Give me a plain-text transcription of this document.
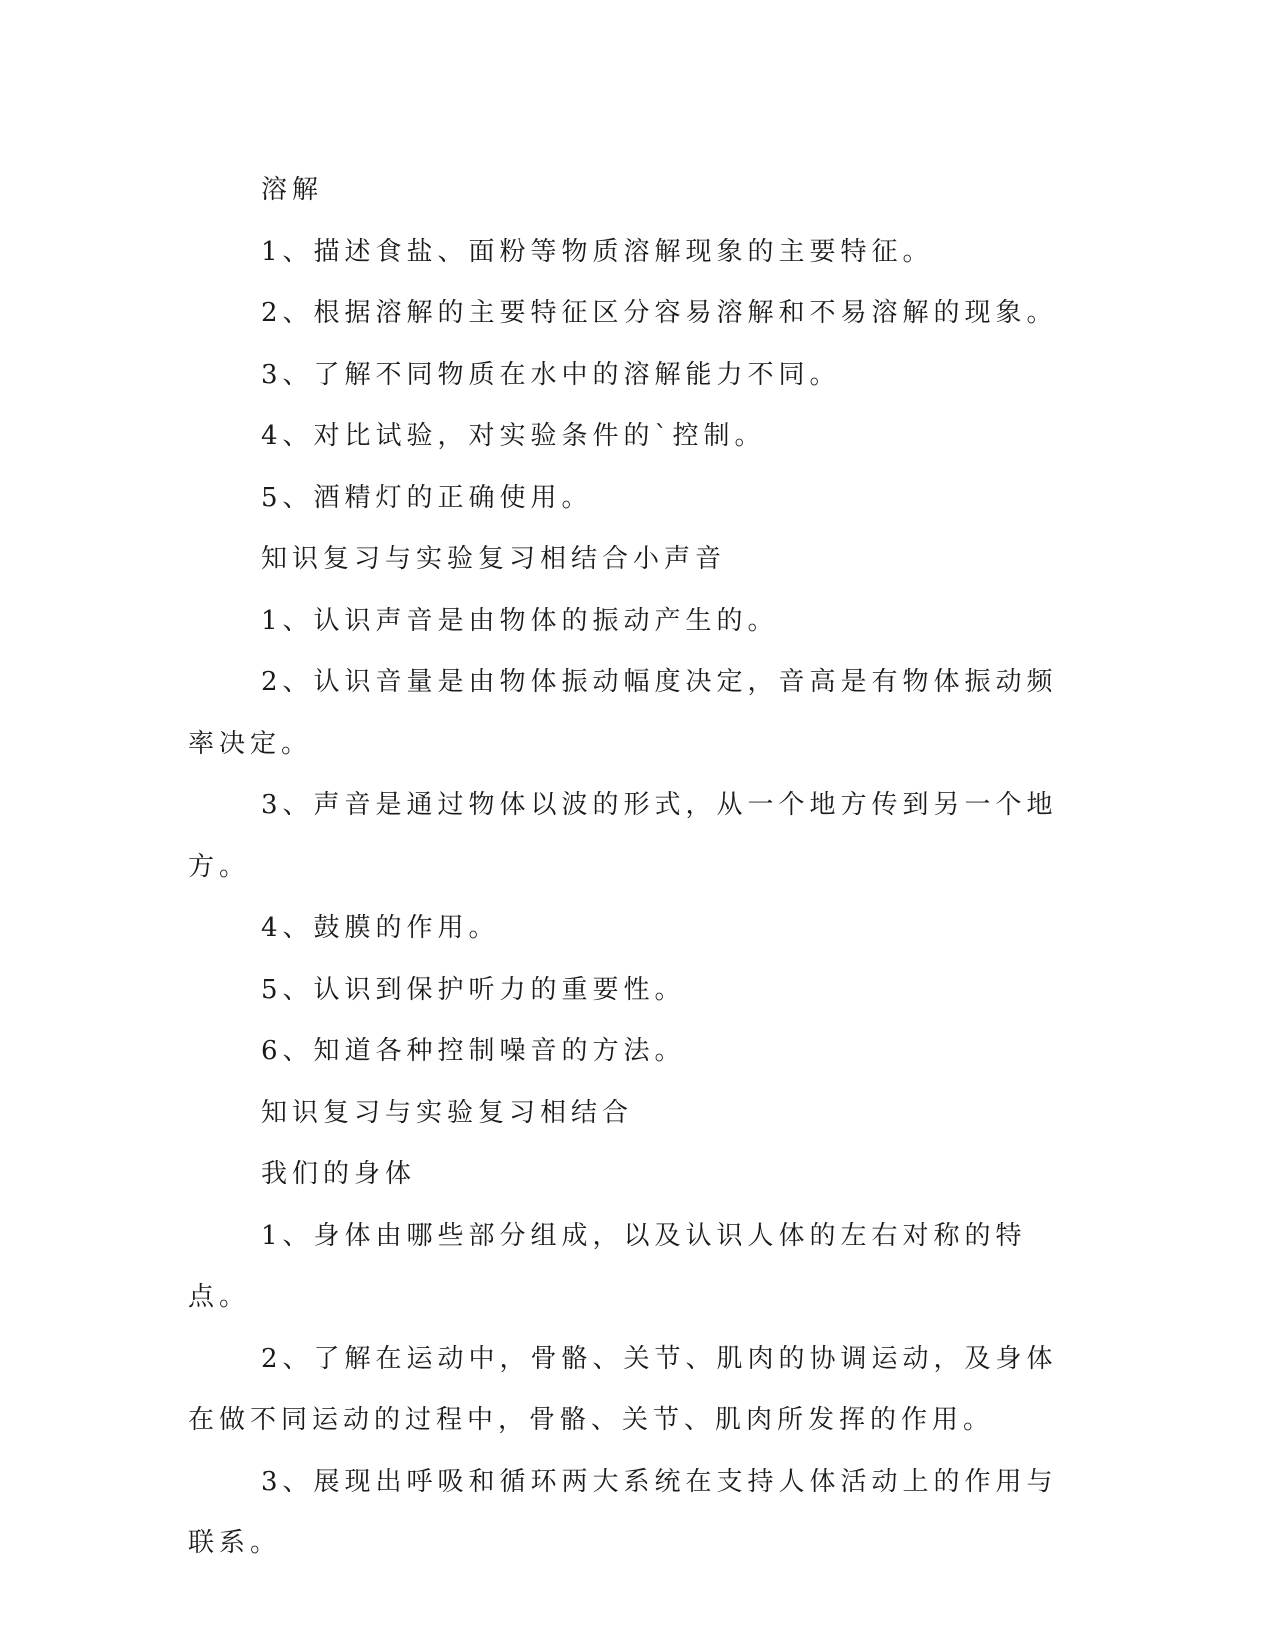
溶解

1、描述食盐、面粉等物质溶解现象的主要特征。

2、根据溶解的主要特征区分容易溶解和不易溶解的现象。

3、了解不同物质在水中的溶解能力不同。

4、对比试验，对实验条件的`控制。

5、酒精灯的正确使用。

知识复习与实验复习相结合小声音

1、认识声音是由物体的振动产生的。

2、认识音量是由物体振动幅度决定，音高是有物体振动频率决定。

3、声音是通过物体以波的形式，从一个地方传到另一个地方。

4、鼓膜的作用。

5、认识到保护听力的重要性。

6、知道各种控制噪音的方法。

知识复习与实验复习相结合

我们的身体

1、身体由哪些部分组成，以及认识人体的左右对称的特点。

2、了解在运动中，骨骼、关节、肌肉的协调运动，及身体在做不同运动的过程中，骨骼、关节、肌肉所发挥的作用。

3、展现出呼吸和循环两大系统在支持人体活动上的作用与联系。
